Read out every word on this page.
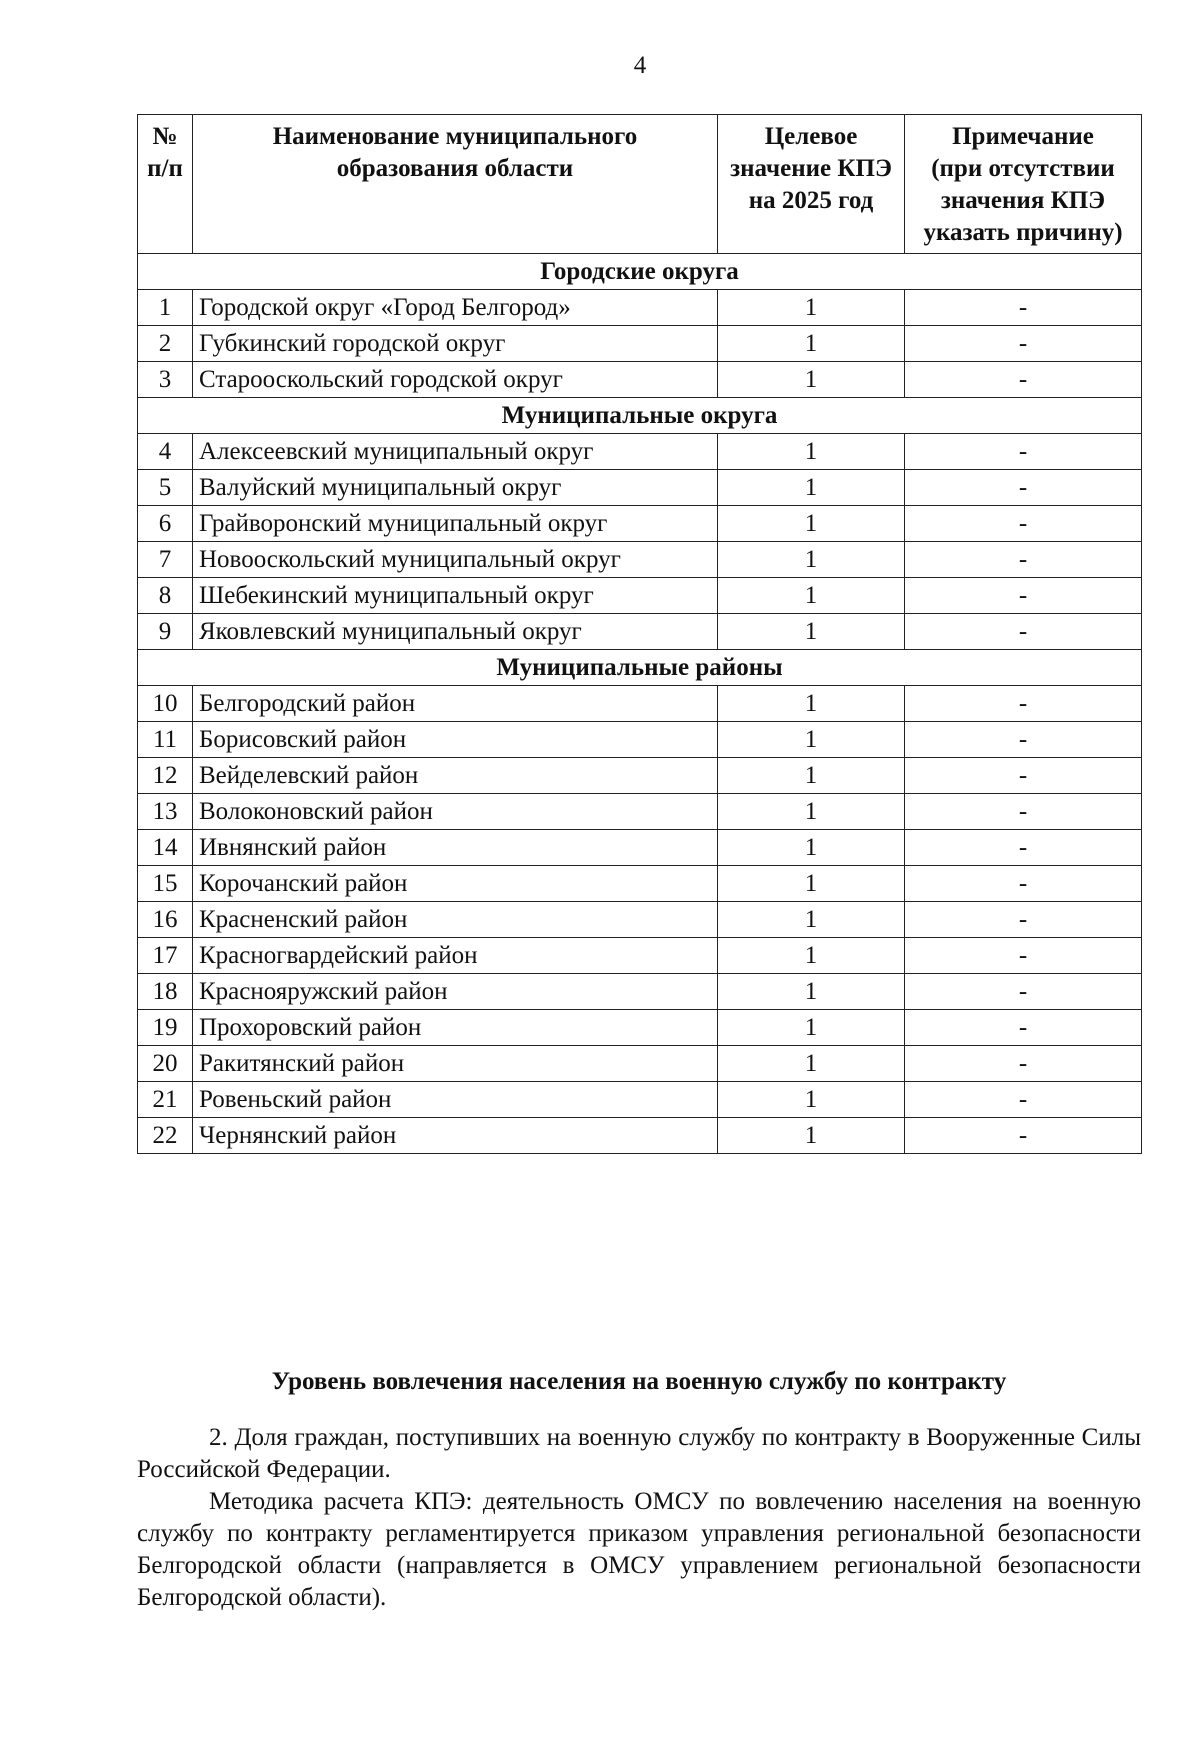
4
№ п/п	Наименование муниципального образования области	Целевое значение КПЭ на 2025 год	Примечание
(при отсутствии значения КПЭ указать причину)

Городские округа			
1	Городской округ «Город Белгород»	1	-
2	Губкинский городской округ	1	-
3	Старооскольский городской округ	1	-
Муниципальные округа			
4	Алексеевский муниципальный округ	1	-
5	Валуйский муниципальный округ	1	-
6	Грайворонский муниципальный округ	1	-
7	Новооскольский муниципальный округ	1	-
8	Шебекинский муниципальный округ	1	-
9	Яковлевский муниципальный округ	1	-
Муниципальные районы			
10	Белгородский район	1	-
11	Борисовский район	1	-
12	Вейделевский район	1	-
13	Волоконовский район	1	-
14	Ивнянский район	1	-
15	Корочанский район	1	-
16	Красненский район	1	-
17	Красногвардейский район	1	-
18	Краснояружский район	1	-
19	Прохоровский район	1	-
20	Ракитянский район	1	-
21	Ровеньский район	1	-
22	Чернянский район	1	-
Уровень вовлечения населения на военную службу по контракту
2. Доля граждан, поступивших на военную службу по контракту в Вооруженные Силы Российской Федерации.
Методика расчета КПЭ: деятельность ОМСУ по вовлечению населения на военную службу по контракту регламентируется приказом управления региональной безопасности Белгородской области (направляется в ОМСУ управлением региональной безопасности Белгородской области).
